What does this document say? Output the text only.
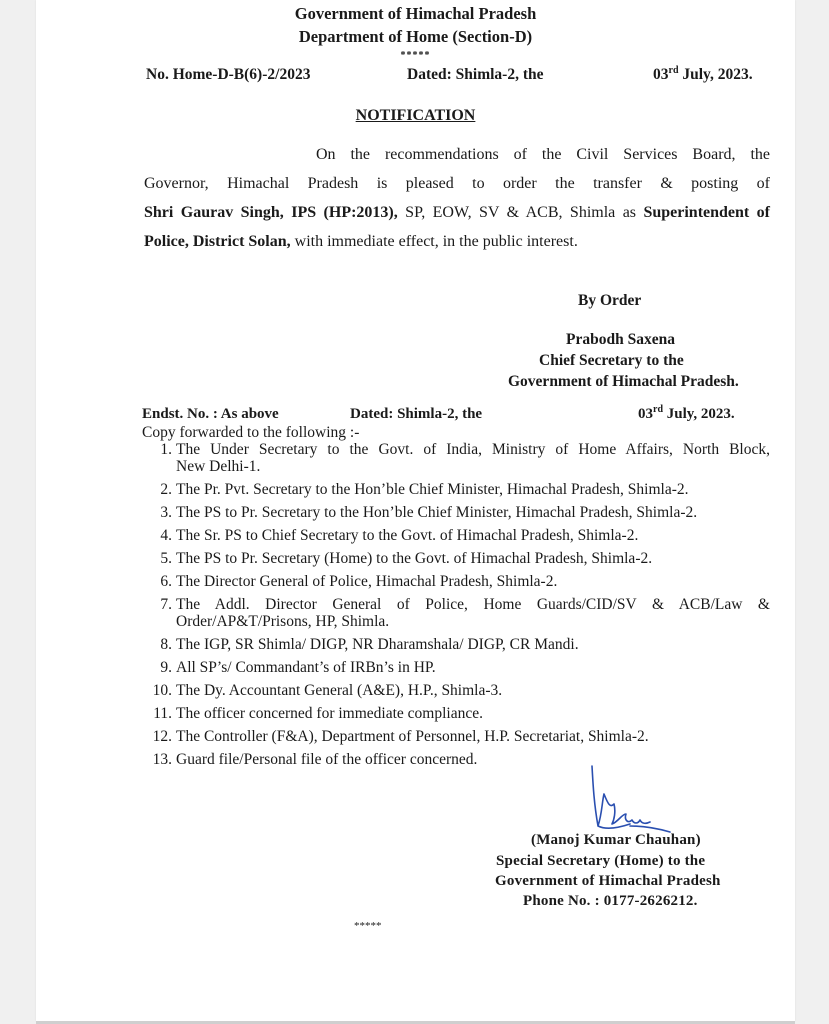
Government of Himachal Pradesh
Department of Home (Section-D)
*****
No. Home-D-B(6)-2/2023	Dated: Shimla-2, the	03rd July, 2023.
NOTIFICATION
On the recommendations of the Civil Services Board, the
Governor, Himachal Pradesh is pleased to order the transfer & posting of
Shri Gaurav Singh, IPS (HP:2013), SP, EOW, SV & ACB, Shimla as Superintendent of
Police, District Solan, with immediate effect, in the public interest.
By Order
Prabodh Saxena
Chief Secretary to the
Government of Himachal Pradesh.
Endst. No. : As above	Dated: Shimla-2, the	03rd July, 2023.
Copy forwarded to the following :-
1. The Under Secretary to the Govt. of India, Ministry of Home Affairs, North Block,
New Delhi-1.
2. The Pr. Pvt. Secretary to the Hon’ble Chief Minister, Himachal Pradesh, Shimla-2.
3. The PS to Pr. Secretary to the Hon’ble Chief Minister, Himachal Pradesh, Shimla-2.
4. The Sr. PS to Chief Secretary to the Govt. of Himachal Pradesh, Shimla-2.
5. The PS to Pr. Secretary (Home) to the Govt. of Himachal Pradesh, Shimla-2.
6. The Director General of Police, Himachal Pradesh, Shimla-2.
7. The Addl. Director General of Police, Home Guards/CID/SV & ACB/Law &
Order/AP&T/Prisons, HP, Shimla.
8. The IGP, SR Shimla/ DIGP, NR Dharamshala/ DIGP, CR Mandi.
9. All SP’s/ Commandant’s of IRBn’s in HP.
10. The Dy. Accountant General (A&E), H.P., Shimla-3.
11. The officer concerned for immediate compliance.
12. The Controller (F&A), Department of Personnel, H.P. Secretariat, Shimla-2.
13. Guard file/Personal file of the officer concerned.
(Manoj Kumar Chauhan)
Special Secretary (Home) to the
Government of Himachal Pradesh
Phone No. : 0177-2626212.
*****
